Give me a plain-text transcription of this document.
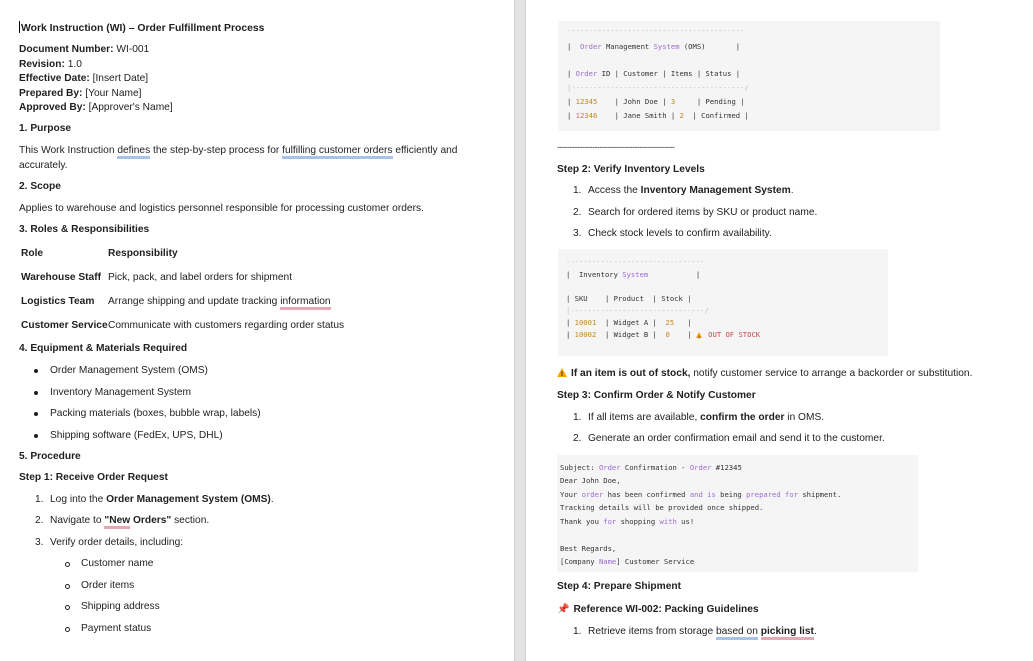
Work Instruction (WI) – Order Fulfillment Process
Document Number: WI-001
Revision: 1.0
Effective Date: [Insert Date]
Prepared By: [Your Name]
Approved By: [Approver's Name]
1. Purpose
This Work Instruction defines the step-by-step process for fulfilling customer orders efficiently and
accurately.
2. Scope
Applies to warehouse and logistics personnel responsible for processing customer orders.
3. Roles & Responsibilities
Role	Responsibility
Warehouse Staff Pick, pack, and label orders for shipment
Logistics Team Arrange shipping and update tracking information
Customer Service Communicate with customers regarding order status
4. Equipment & Materials Required
Order Management System (OMS)
Inventory Management System
Packing materials (boxes, bubble wrap, labels)
Shipping software (FedEx, UPS, DHL)
5. Procedure
Step 1: Receive Order Request
1. Log into the Order Management System (OMS).
2. Navigate to "New Orders" section.
3. Verify order details, including:
Customer name
Order items
Shipping address
Payment status
-----------------------------------------
|  Order Management System (OMS)       |
| Order ID | Customer | Items | Status |
|----------------------------------------/
| 12345    | John Doe | 3     | Pending |
| 12346    | Jane Smith | 2  | Confirmed |
-----------------------------------------------
Step 2: Verify Inventory Levels
1. Access the Inventory Management System.
2. Search for ordered items by SKU or product name.
3. Check stock levels to confirm availability.
--------------------------------
|  Inventory System           |
| SKU    | Product  | Stock |
|-------------------------------/
| 10001  | Widget A |  25   |
| 10002  | Widget B |  0    |  ! OUT OF STOCK
!If an item is out of stock, notify customer service to arrange a backorder or substitution.
Step 3: Confirm Order & Notify Customer
1. If all items are available, confirm the order in OMS.
2. Generate an order confirmation email and send it to the customer.
Subject: Order Confirmation - Order #12345
Dear John Doe,
Your order has been confirmed and is being prepared for shipment.
Tracking details will be provided once shipped.
Thank you for shopping with us!
Best Regards,
[Company Name] Customer Service
Step 4: Prepare Shipment
📌 Reference WI-002: Packing Guidelines
1. Retrieve items from storage based on picking list.
